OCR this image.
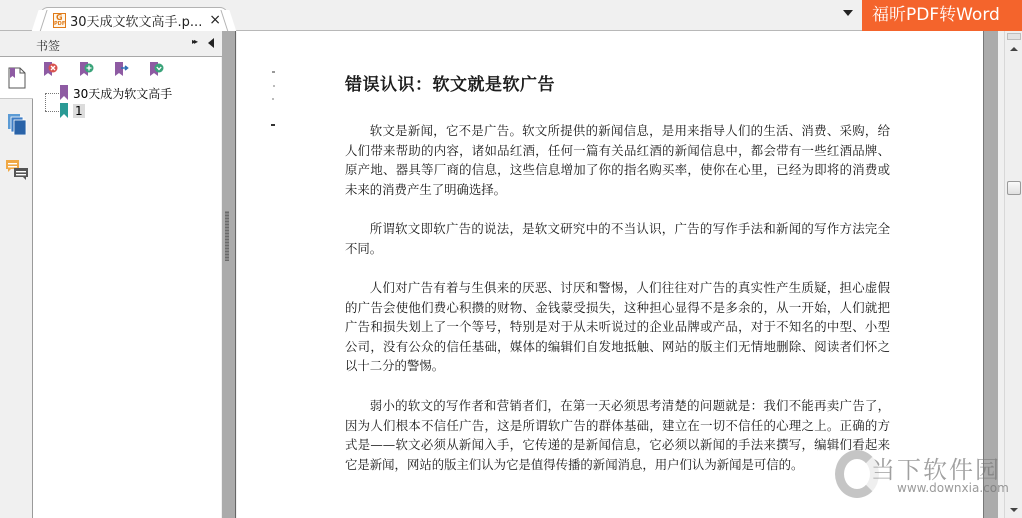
G PDF 30天成文软文高手.p... ×	福昕PDF转Word
书签	▸▸
30天成为软文高手
1
错误认识：软文就是软广告

软文是新闻，它不是广告。软文所提供的新闻信息，是用来指导人们的生活、消费、采购，给人们带来帮助的内容，诸如品红酒，任何一篇有关品红酒的新闻信息中，都会带有一些红酒品牌、原产地、器具等厂商的信息，这些信息增加了你的指名购买率，使你在心里，已经为即将的消费或未来的消费产生了明确选择。

所谓软文即软广告的说法，是软文研究中的不当认识，广告的写作手法和新闻的写作方法完全不同。

人们对广告有着与生俱来的厌恶、讨厌和警惕，人们往往对广告的真实性产生质疑，担心虚假的广告会使他们费心积攒的财物、金钱蒙受损失，这种担心显得不是多余的，从一开始，人们就把广告和损失划上了一个等号，特别是对于从未听说过的企业品牌或产品，对于不知名的中型、小型公司，没有公众的信任基础，媒体的编辑们自发地抵触、网站的版主们无情地删除、阅读者们怀之以十二分的警惕。

弱小的软文的写作者和营销者们，在第一天必须思考清楚的问题就是：我们不能再卖广告了，因为人们根本不信任广告，这是所谓软广告的群体基础，建立在一切不信任的心理之上。正确的方式是——软文必须从新闻入手，它传递的是新闻信息，它必须以新闻的手法来撰写，编辑们看起来它是新闻，网站的版主们认为它是值得传播的新闻消息，用户们认为新闻是可信的。	当下软件园
www.downxia.com
